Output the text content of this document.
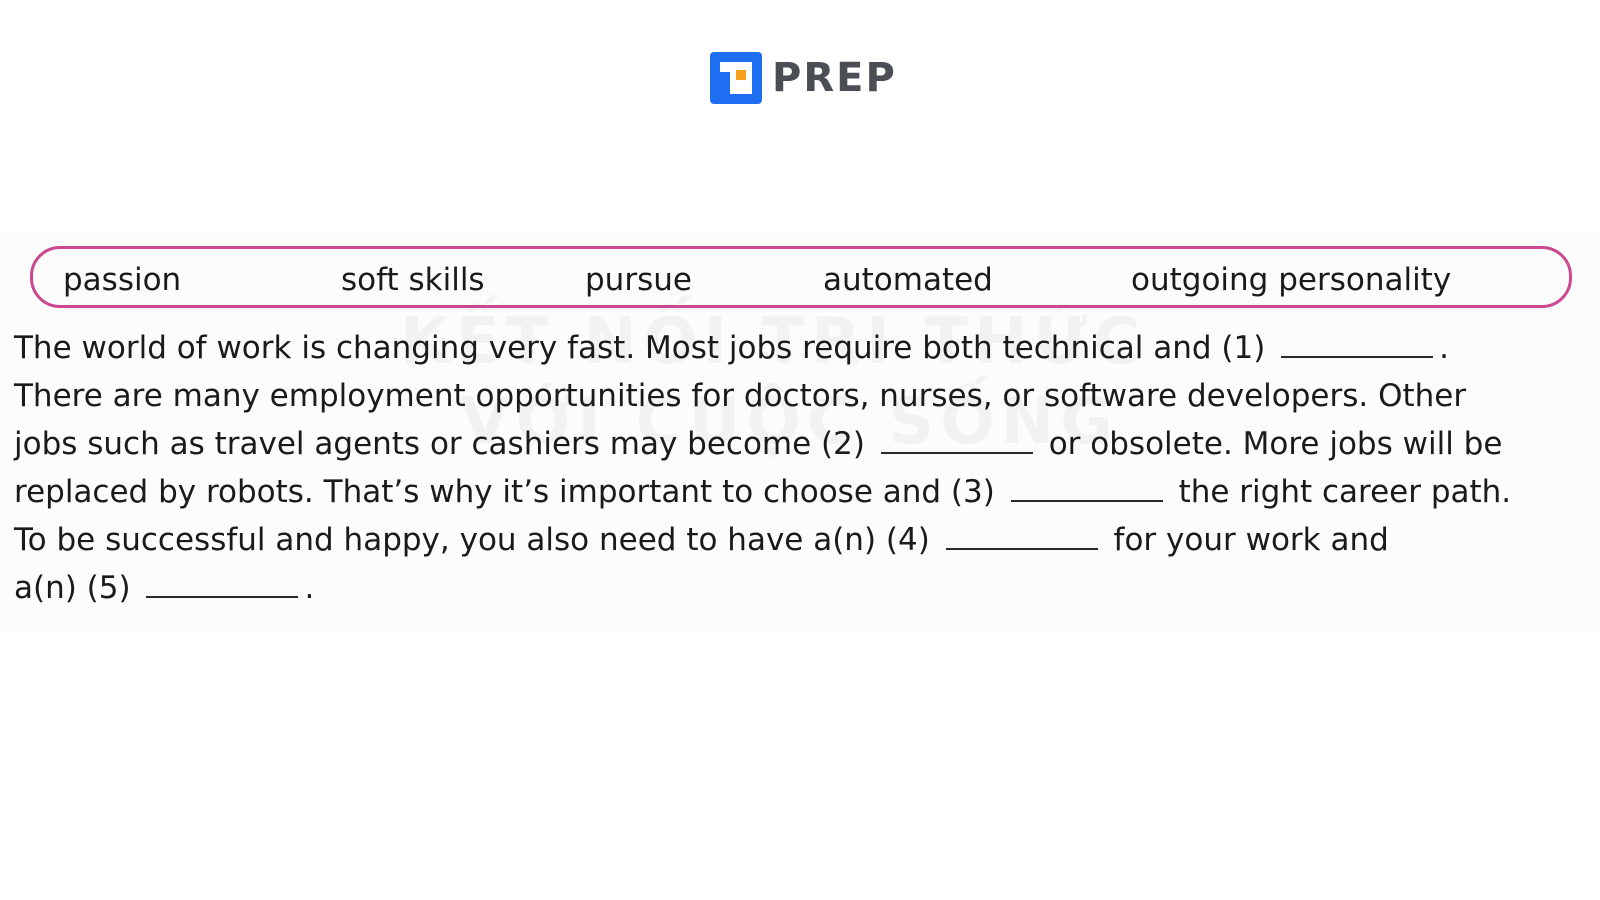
PREP
passion	soft skills	pursue	automated	outgoing personality
The world of work is changing very fast. Most jobs require both technical and (1)	.
There are many employment opportunities for doctors, nurses, or software developers. Other
jobs such as travel agents or cashiers may become (2)	or obsolete. More jobs will be
replaced by robots. That’s why it’s important to choose and (3)	the right career path.
To be successful and happy, you also need to have a(n) (4)	for your work and
a(n) (5)	.
